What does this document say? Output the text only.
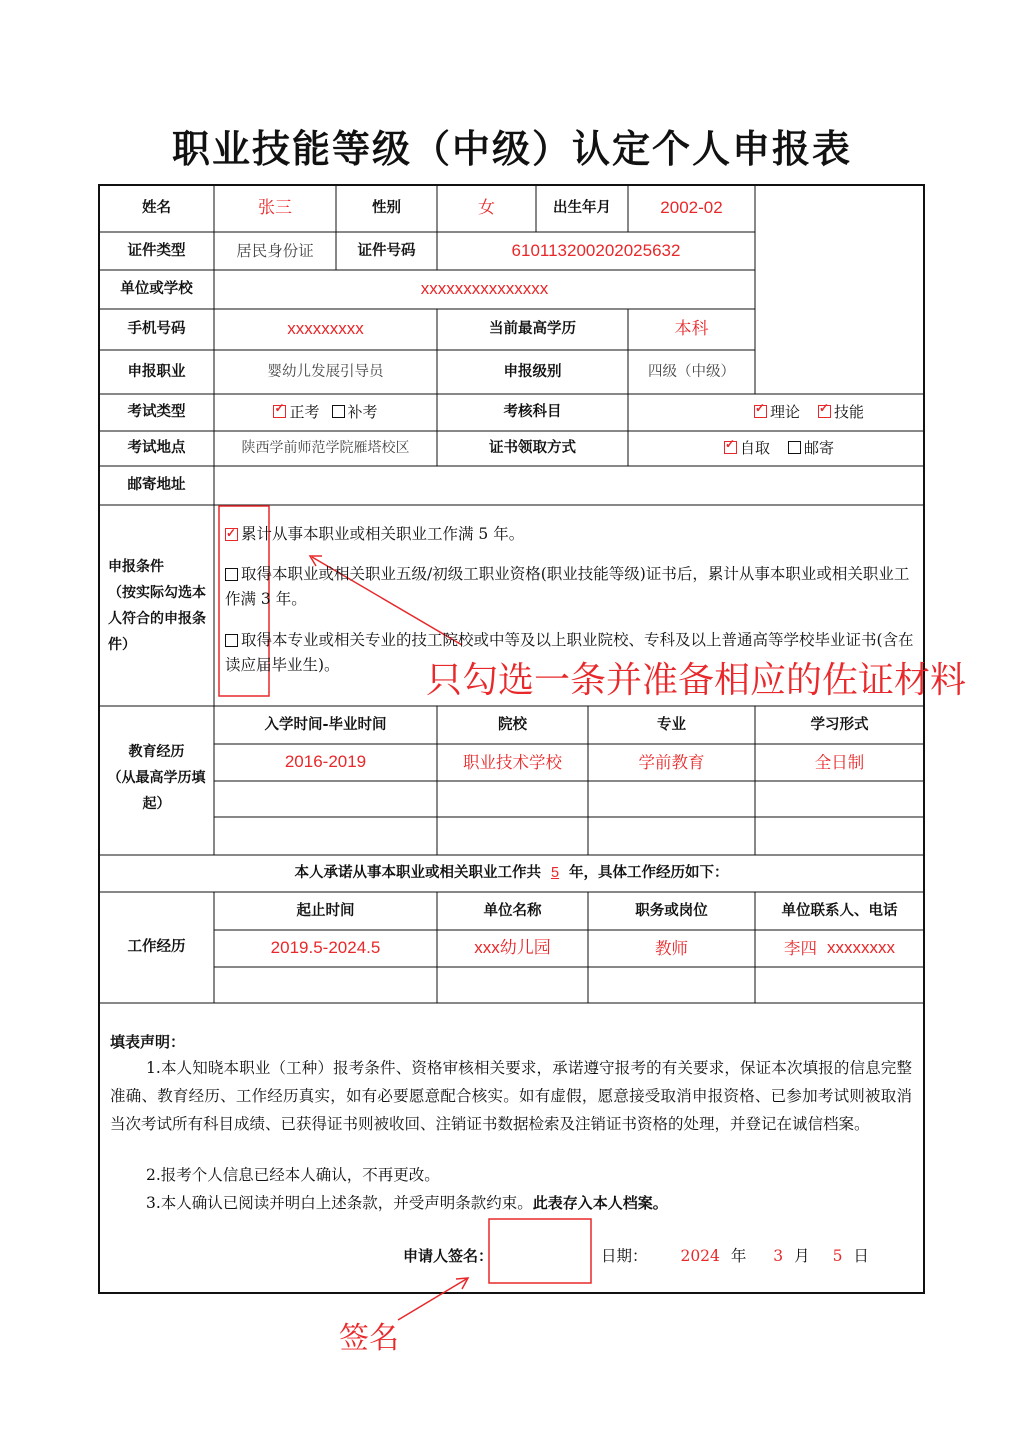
职业技能等级（中级）认定个人申报表
姓名	张三	性别	女	出生年月	2002-02
证件类型	居民身份证	证件号码	610113200202025632
单位或学校	xxxxxxxxxxxxxxx
手机号码	xxxxxxxxx	当前最高学历	本科
申报职业	婴幼儿发展引导员	申报级别	四级（中级）
考试类型 ✓	正考	补考	考核科目 ✓	理论 ✓	技能
考试地点	陕西学前师范学院雁塔校区	证书领取方式 ✓	自取	邮寄
邮寄地址
申报条件
（按实际勾选本人符合的申报条件）
✓累计从事本职业或相关职业工作满 5 年。
取得本职业或相关职业五级/初级工职业资格(职业技能等级)证书后，累计从事本职业或相关职业工作满 3 年。
取得本专业或相关专业的技工院校或中等及以上职业院校、专科及以上普通高等学校毕业证书(含在读应届毕业生)。	只勾选一条并准备相应的佐证材料
教育经历
（从最高学历填起）
入学时间-毕业时间	院校	专业	学习形式
2016-2019	职业技术学校	学前教育	全日制
本人承诺从事本职业或相关职业工作共 5 年，具体工作经历如下：
工作经历
起止时间	单位名称	职务或岗位	单位联系人、电话
2019.5-2024.5	xxx幼儿园	教师	李四 xxxxxxxx
填表声明：
1.本人知晓本职业（工种）报考条件、资格审核相关要求，承诺遵守报考的有关要求，保证本次填报的信息完整准确、教育经历、工作经历真实，如有必要愿意配合核实。如有虚假，愿意接受取消申报资格、已参加考试则被取消当次考试所有科目成绩、已获得证书则被收回、注销证书数据检索及注销证书资格的处理，并登记在诚信档案。
2.报考个人信息已经本人确认，不再更改。
3.本人确认已阅读并明白上述条款，并受声明条款约束。此表存入本人档案。
申请人签名：	日期： 2024 年 3 月 5 日
签名
